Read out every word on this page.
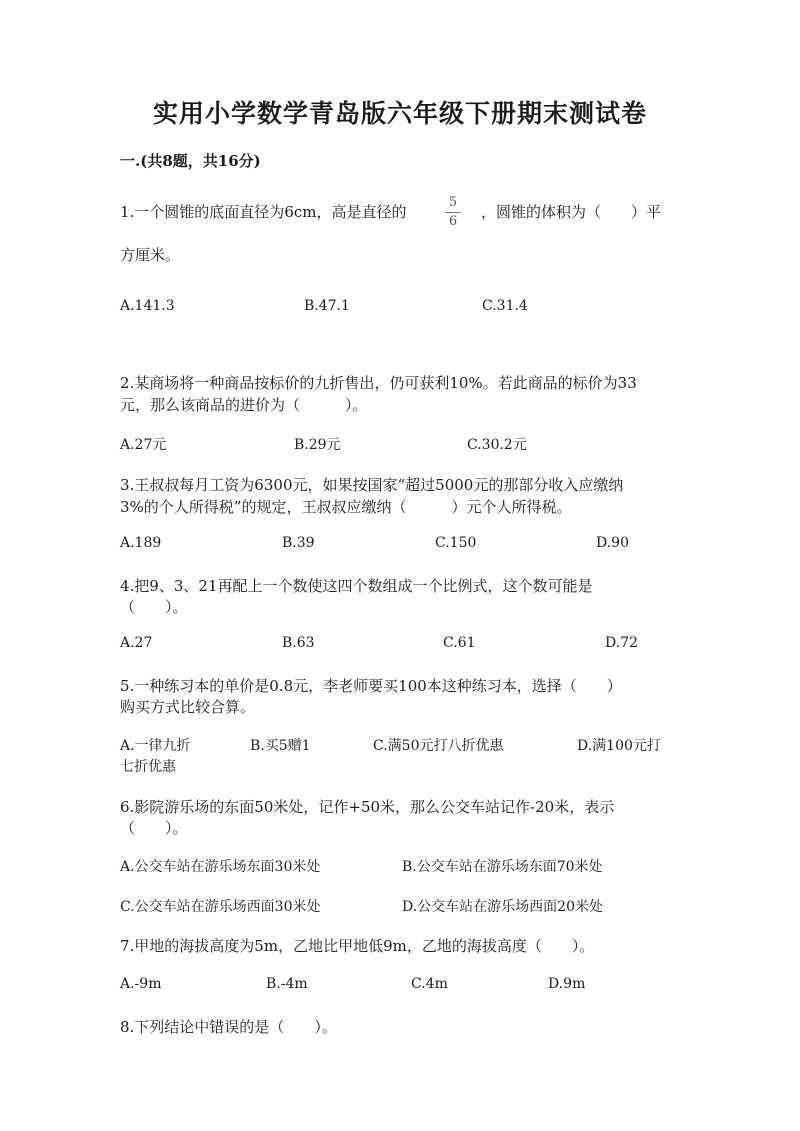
实用小学数学青岛版六年级下册期末测试卷
一.(共8题，共16分)
1.一个圆锥的底面直径为6cm，高是直径的
5
6
，圆锥的体积为（　　）平
方厘米。
A.141.3	B.47.1	C.31.4
2.某商场将一种商品按标价的九折售出，仍可获利10%。若此商品的标价为33
元，那么该商品的进价为（　　　）。
A.27元	B.29元	C.30.2元
3.王叔叔每月工资为6300元，如果按国家“超过5000元的那部分收入应缴纳
3%的个人所得税”的规定，王叔叔应缴纳（　　　）元个人所得税。
A.189	B.39	C.150	D.90
4.把9、3、21再配上一个数使这四个数组成一个比例式，这个数可能是
（　　）。
A.27	B.63	C.61	D.72
5.一种练习本的单价是0.8元，李老师要买100本这种练习本，选择（　　）
购买方式比较合算。
A.一律九折	B.买5赠1	C.满50元打八折优惠	D.满100元打
七折优惠
6.影院游乐场的东面50米处，记作+50米，那么公交车站记作-20米，表示
（　　）。
A.公交车站在游乐场东面30米处	B.公交车站在游乐场东面70米处
C.公交车站在游乐场西面30米处	D.公交车站在游乐场西面20米处
7.甲地的海拔高度为5m，乙地比甲地低9m，乙地的海拔高度（　　）。
A.-9m	B.-4m	C.4m	D.9m
8.下列结论中错误的是（　　）。
